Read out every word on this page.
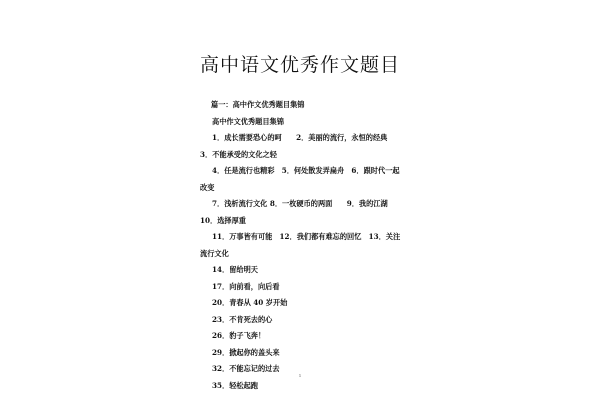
高中语文优秀作文题目
篇一：高中作文优秀题目集锦
高中作文优秀题目集锦
1．成长需要恐心的呵　　2．美丽的流行，永恒的经典
3．不能承受的文化之轻
4．任是流行也精彩　5．何处散发弄扁舟　6．跟时代一起
改变
7．浅析流行文化 8．一枚硬币的两面　　9．我的江湖
10．选择厚重
11．万事皆有可能　12．我们都有难忘的回忆　13．关注
流行文化
14．留给明天
17．向前看，向后看
20．青春从 40 岁开始
23．不肯死去的心
26．豹子飞奔！
29．掀起你的盖头来
32．不能忘记的过去
35．轻松起跑
1
